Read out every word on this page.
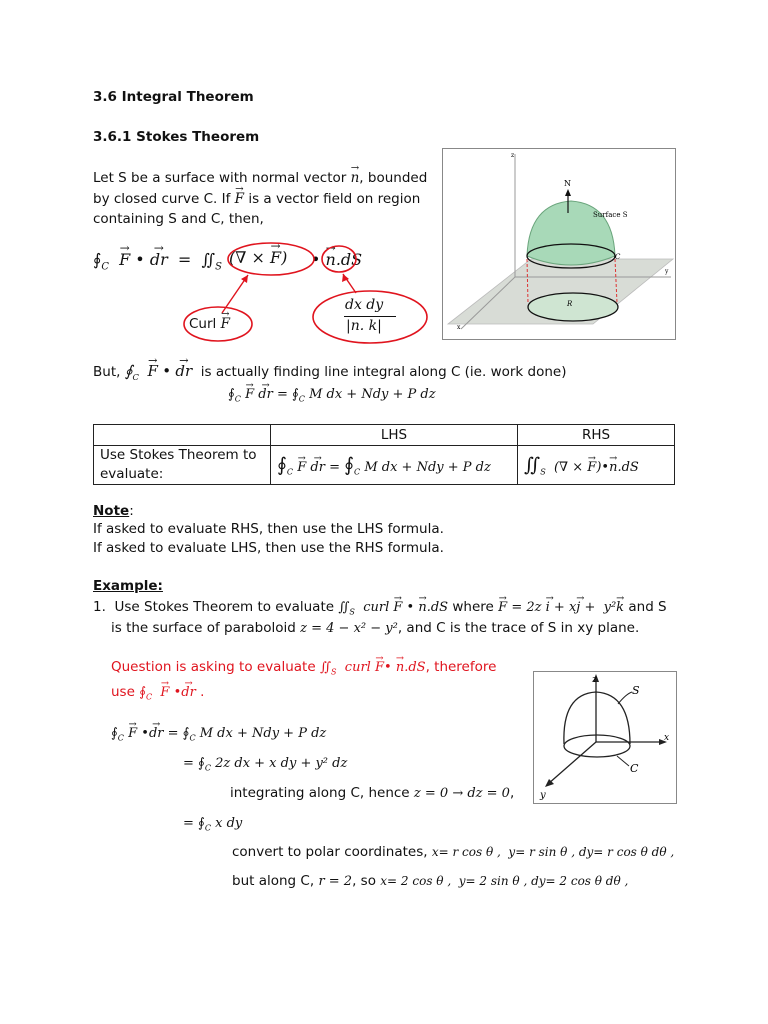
3.6 Integral Theorem
3.6.1 Stokes Theorem
Let S be a surface with normal vector → n, bounded
by closed curve C. If → F is a vector field on region
containing S and C, then,
$∮_C \to F$ • → dr  =  $∬_S$	• → n.dS
(∇ × → F)
Curl → F
dx dy
|n. k|
N
Surface S
C
R
z
x
y
But, $∮_C \to F$ • → dr is actually finding line integral along C (ie. work done)
$∮_C \to F$ → dr = $∮_C$ M dx + Ndy + P dz
	LHS	RHS
Use Stokes Theorem to evaluate:	$∮_C \to F$ → dr = $∮_C$ M dx + Ndy + P dz	$∬_S$  (∇ × → F)•→ n.dS
Note:
If asked to evaluate RHS, then use the LHS formula.
If asked to evaluate LHS, then use the RHS formula.
Example:
1. Use Stokes Theorem to evaluate $∬_S$  curl → F • → n.dS where → F = 2z → i + x→ j +  y²→ k and S
is the surface of paraboloid z = 4 − x² − y², and C is the trace of S in xy plane.
Question is asking to evaluate $∬_S$  curl → F• → n.dS, therefore
use $∮_C \to F$ •→ dr .
$∮_C \to F$ •→ dr = $∮_C$ M dx + Ndy + P dz
= $∮_C$ 2z dx + x dy + y² dz
integrating along C, hence z = 0 → dz = 0,
= $∮_C$ x dy
convert to polar coordinates, x= r cos θ ,  y= r sin θ , dy= r cos θ dθ ,
but along C, r = 2, so x= 2 cos θ ,  y= 2 sin θ , dy= 2 cos θ dθ ,
z
S
x
C
y
